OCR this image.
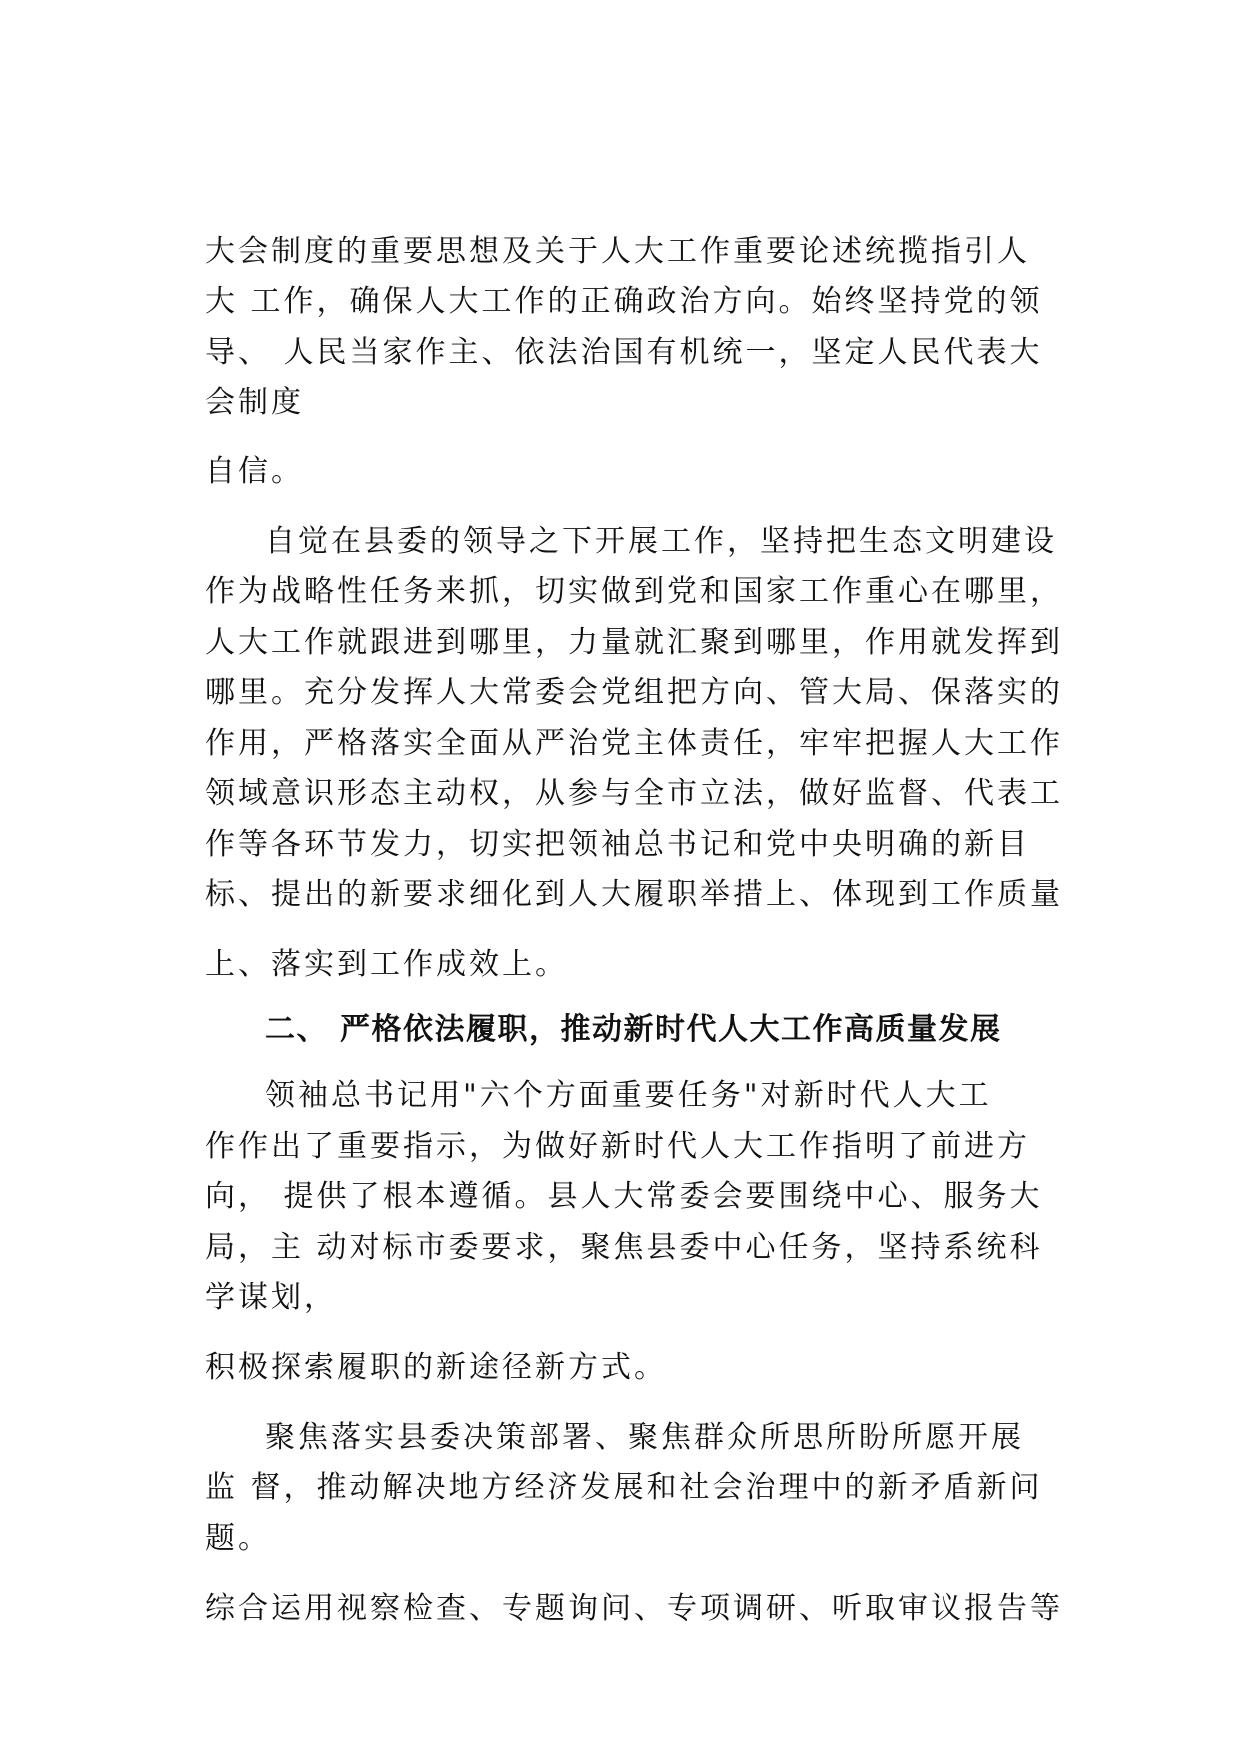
大会制度的重要思想及关于人大工作重要论述统揽指引人
大 工作，确保人大工作的正确政治方向。始终坚持党的领
导、 人民当家作主、依法治国有机统一，坚定人民代表大
会制度
自信。
自觉在县委的领导之下开展工作，坚持把生态文明建设
作为战略性任务来抓，切实做到党和国家工作重心在哪里，
人大工作就跟进到哪里，力量就汇聚到哪里，作用就发挥到
哪里。充分发挥人大常委会党组把方向、管大局、保落实的
作用，严格落实全面从严治党主体责任，牢牢把握人大工作
领域意识形态主动权，从参与全市立法，做好监督、代表工
作等各环节发力，切实把领袖总书记和党中央明确的新目
标、提出的新要求细化到人大履职举措上、体现到工作质量
上、落实到工作成效上。
二、 严格依法履职，推动新时代人大工作高质量发展
领袖总书记用"六个方面重要任务"对新时代人大工
作作出了重要指示，为做好新时代人大工作指明了前进方
向， 提供了根本遵循。县人大常委会要围绕中心、服务大
局，主 动对标市委要求，聚焦县委中心任务，坚持系统科
学谋划，
积极探索履职的新途径新方式。
聚焦落实县委决策部署、聚焦群众所思所盼所愿开展
监 督，推动解决地方经济发展和社会治理中的新矛盾新问
题。
综合运用视察检查、专题询问、专项调研、听取审议报告等
